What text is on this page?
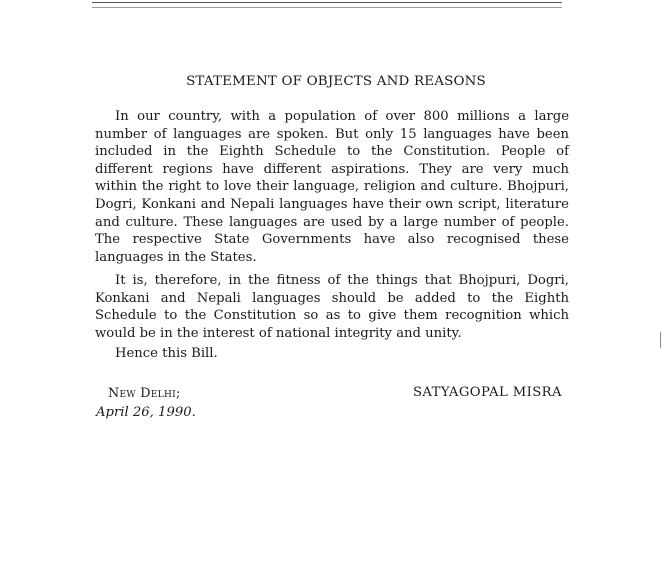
STATEMENT OF OBJECTS AND REASONS

In our country, with a population of over 800 millions a large number of languages are spoken. But only 15 languages have been included in the Eighth Schedule to the Constitution. People of different regions have different aspirations. They are very much within the right to love their language, religion and culture. Bhojpuri, Dogri, Konkani and Nepali languages have their own script, literature and culture. These languages are used by a large number of people. The respective State Governments have also recognised these languages in the States.

It is, therefore, in the fitness of the things that Bhojpuri, Dogri, Konkani and Nepali languages should be added to the Eighth Schedule to the Constitution so as to give them recognition which would be in the interest of national integrity and unity.

Hence this Bill.
New Delhi;
April 26, 1990.
SATYAGOPAL MISRA
